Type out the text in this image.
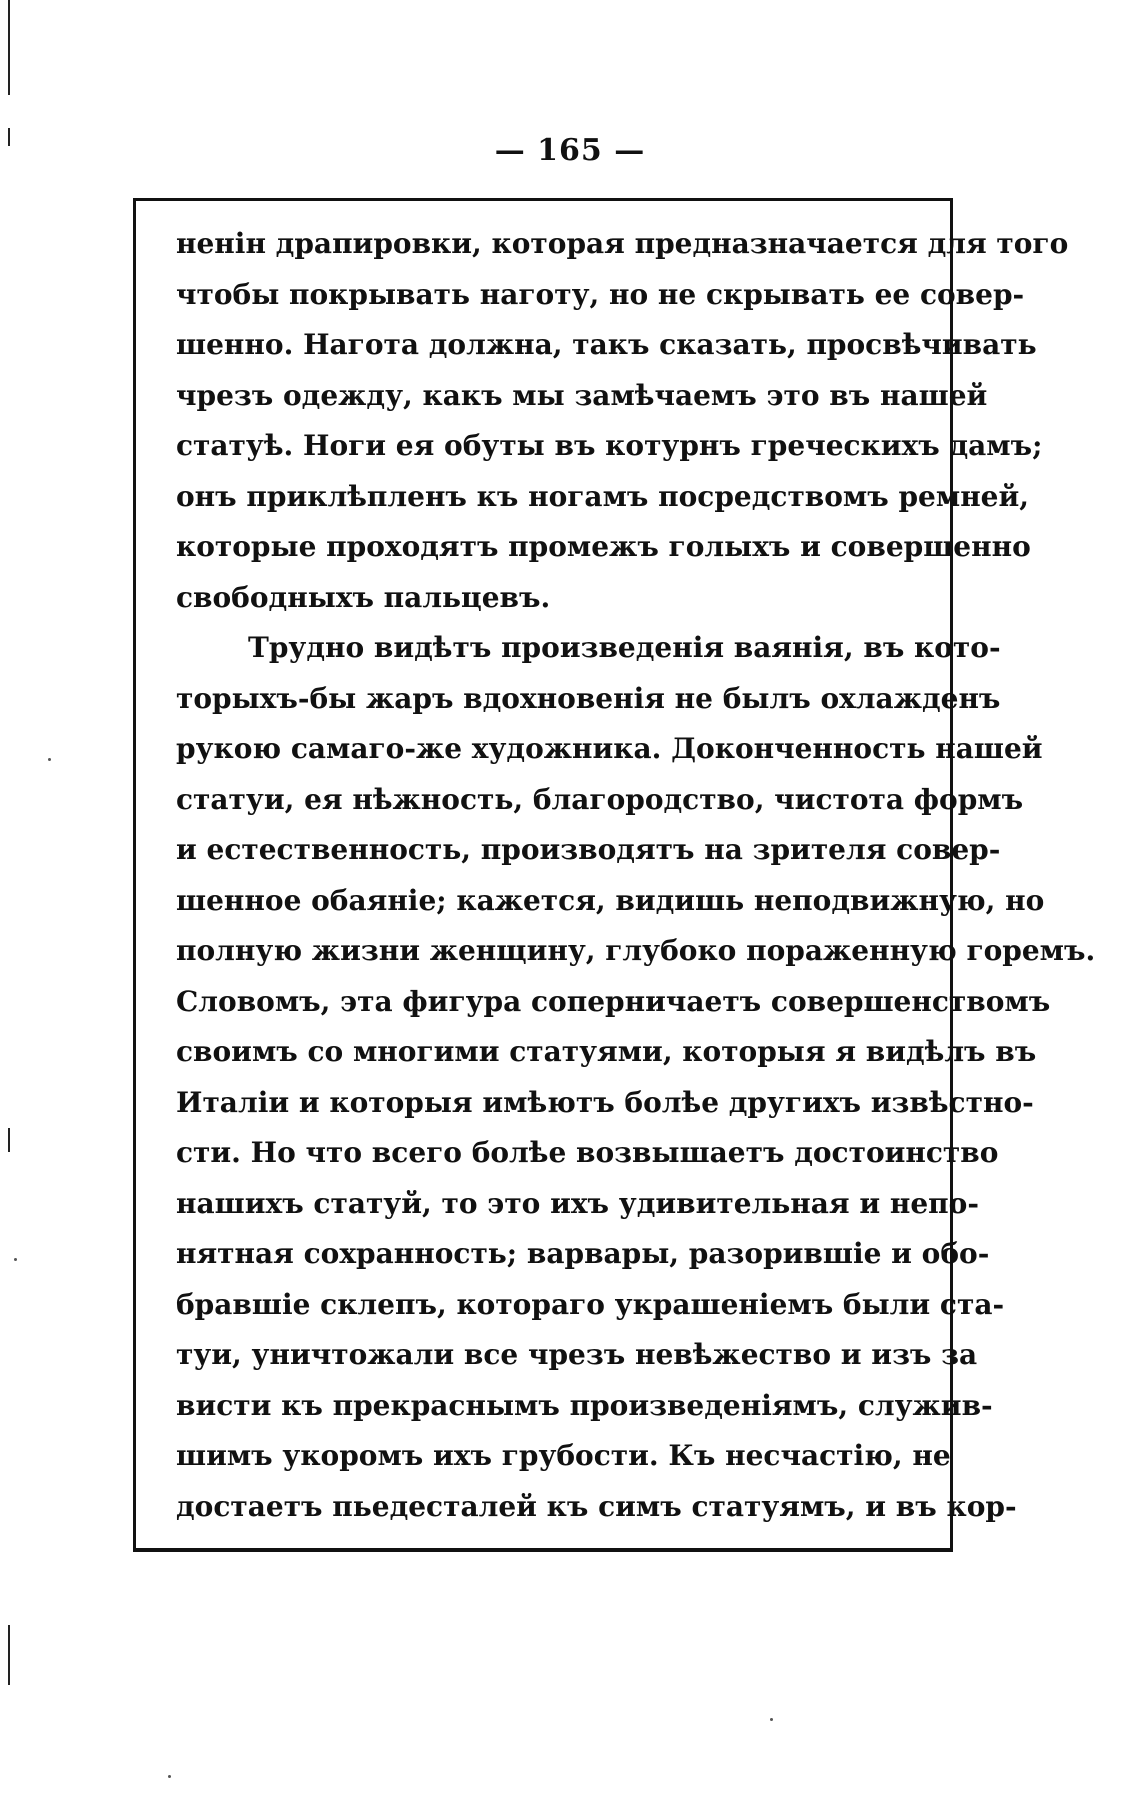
— 165 —
ненін драпировки, которая предназначается для того
чтобы покрывать наготу, но не скрывать ее совер-
шенно. Нагота должна, такъ сказать, просвѣчивать
чрезъ одежду, какъ мы замѣчаемъ это въ нашей
статуѣ. Ноги ея обуты въ котурнъ греческихъ дамъ;
онъ приклѣпленъ къ ногамъ посредствомъ ремней,
которые проходятъ промежъ голыхъ и совершенно
свободныхъ пальцевъ.
Трудно видѣтъ произведенія ваянія, въ кото-
торыхъ-бы жаръ вдохновенія не былъ охлажденъ
рукою самаго-же художника. Доконченность нашей
статуи, ея нѣжность, благородство, чистота формъ
и естественность, производятъ на зрителя совер-
шенное обаяніе; кажется, видишь неподвижную, но
полную жизни женщину, глубоко пораженную горемъ.
Словомъ, эта фигура соперничаетъ совершенствомъ
своимъ со многими статуями, которыя я видѣлъ въ
Италіи и которыя имѣютъ болѣе другихъ извѣстно-
сти. Но что всего болѣе возвышаетъ достоинство
нашихъ статуй, то это ихъ удивительная и непо-
нятная сохранность; варвары, разорившіе и обо-
бравшіе склепъ, котораго украшеніемъ были ста-
туи, уничтожали все чрезъ невѣжество и изъ за
висти къ прекраснымъ произведеніямъ, служив-
шимъ укоромъ ихъ грубости. Къ несчастію, не
достаетъ пьедесталей къ симъ статуямъ, и въ кор-
